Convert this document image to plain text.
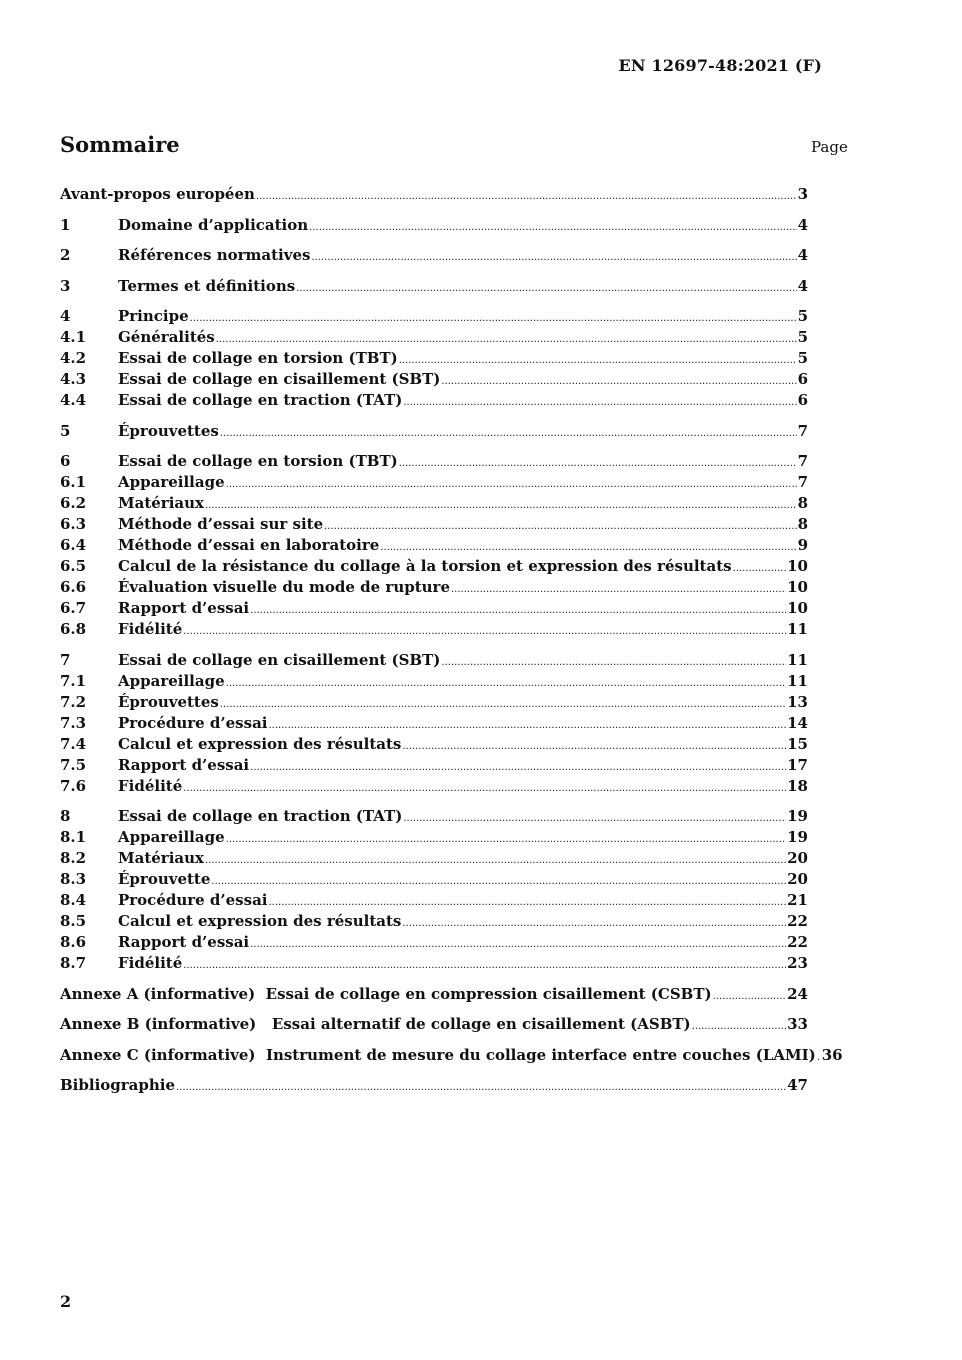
EN 12697-48:2021 (F)
Sommaire	Page
Avant-propos européen .....	3
1	Domaine d’application .....	4
2	Références normatives .....	4
3	Termes et définitions .....	4
4	Principe .....	5
4.1	Généralités .....	5
4.2	Essai de collage en torsion (TBT) .....	5
4.3	Essai de collage en cisaillement (SBT) .....	6
4.4	Essai de collage en traction (TAT) .....	6
5	Éprouvettes .....	7
6	Essai de collage en torsion (TBT) .....	7
6.1	Appareillage .....	7
6.2	Matériaux .....	8
6.3	Méthode d’essai sur site .....	8
6.4	Méthode d’essai en laboratoire .....	9
6.5	Calcul de la résistance du collage à la torsion et expression des résultats .....	10
6.6	Évaluation visuelle du mode de rupture .....	10
6.7	Rapport d’essai .....	10
6.8	Fidélité .....	11
7	Essai de collage en cisaillement (SBT) .....	11
7.1	Appareillage .....	11
7.2	Éprouvettes .....	13
7.3	Procédure d’essai .....	14
7.4	Calcul et expression des résultats .....	15
7.5	Rapport d’essai .....	17
7.6	Fidélité .....	18
8	Essai de collage en traction (TAT) .....	19
8.1	Appareillage .....	19
8.2	Matériaux .....	20
8.3	Éprouvette .....	20
8.4	Procédure d’essai .....	21
8.5	Calcul et expression des résultats .....	22
8.6	Rapport d’essai .....	22
8.7	Fidélité .....	23
Annexe A (informative)  Essai de collage en compression cisaillement (CSBT) .....	24
Annexe B (informative)   Essai alternatif de collage en cisaillement (ASBT) .....	33
Annexe C (informative)  Instrument de mesure du collage interface entre couches (LAMI) ..... 36
Bibliographie .....	47
2
